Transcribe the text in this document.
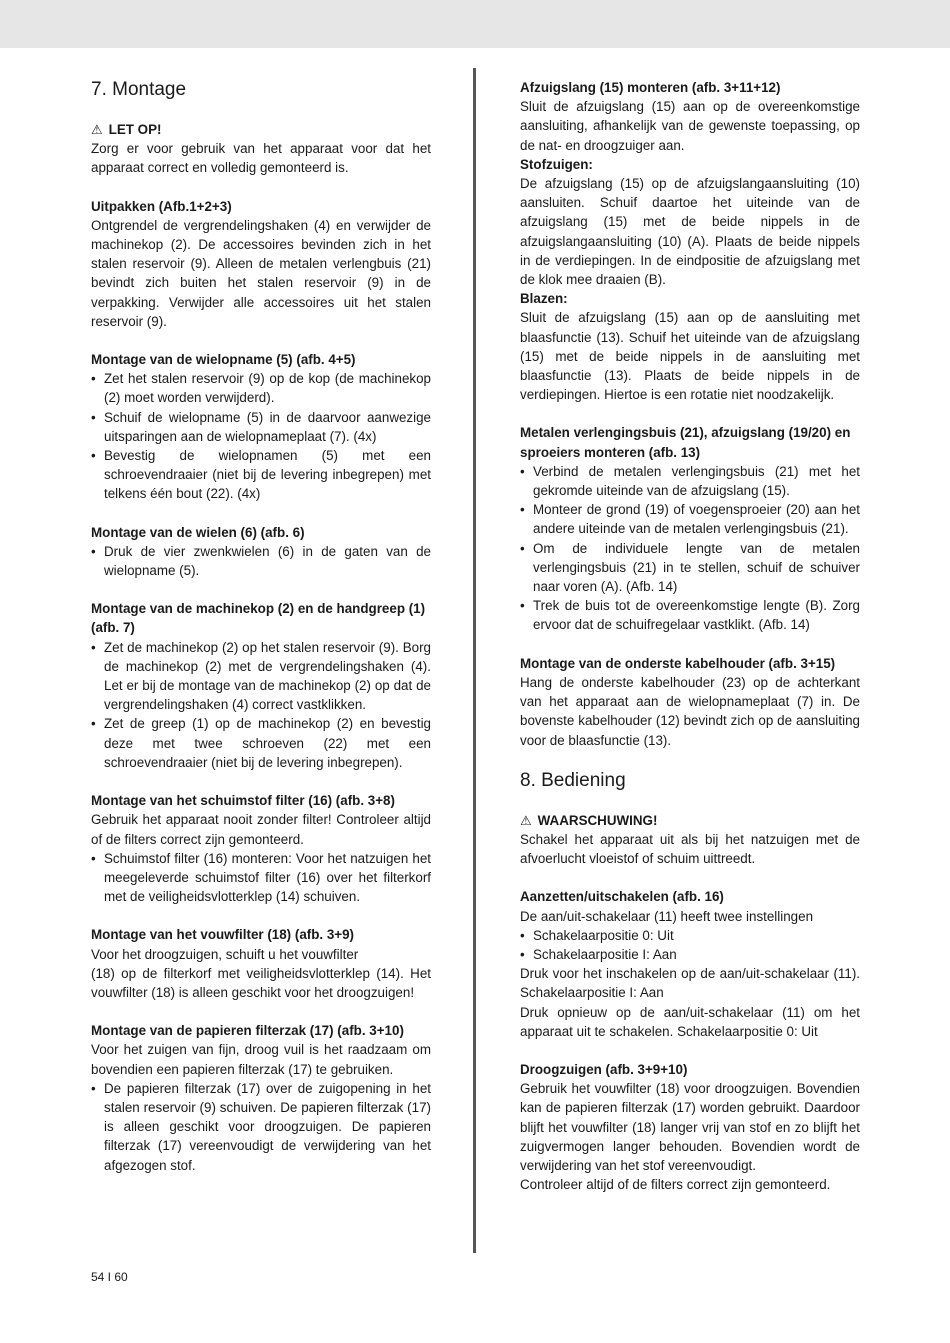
7. Montage
⚠ LET OP!

Zorg er voor gebruik van het apparaat voor dat het apparaat correct en volledig gemonteerd is.

Uitpakken (Afb.1+2+3)

Ontgrendel de vergrendelingshaken (4) en verwijder de machinekop (2). De accessoires bevinden zich in het stalen reservoir (9). Alleen de metalen verlengbuis (21) bevindt zich buiten het stalen reservoir (9) in de verpakking. Verwijder alle accessoires uit het stalen reservoir (9).

Montage van de wielopname (5) (afb. 4+5)
• Zet het stalen reservoir (9) op de kop (de machinekop (2) moet worden verwijderd).
• Schuif de wielopname (5) in de daarvoor aanwezige uitsparingen aan de wielopnameplaat (7). (4x)
• Bevestig de wielopnamen (5) met een schroevendraaier (niet bij de levering inbegrepen) met telkens één bout (22). (4x)
Montage van de wielen (6) (afb. 6)
• Druk de vier zwenkwielen (6) in de gaten van de wielopname (5).
Montage van de machinekop (2) en de handgreep (1) (afb. 7)
• Zet de machinekop (2) op het stalen reservoir (9). Borg de machinekop (2) met de vergrendelingshaken (4). Let er bij de montage van de machinekop (2) op dat de vergrendelingshaken (4) correct vastklikken.
• Zet de greep (1) op de machinekop (2) en bevestig deze met twee schroeven (22) met een schroevendraaier (niet bij de levering inbegrepen).
Montage van het schuimstof filter (16) (afb. 3+8)

Gebruik het apparaat nooit zonder filter! Controleer altijd of de filters correct zijn gemonteerd.

• Schuimstof filter (16) monteren: Voor het natzuigen het meegeleverde schuimstof filter (16) over het filterkorf met de veiligheidsvlotterklep (14) schuiven.
Montage van het vouwfilter (18) (afb. 3+9)

Voor het droogzuigen, schuift u het vouwfilter

(18) op de filterkorf met veiligheidsvlotterklep (14). Het vouwfilter (18) is alleen geschikt voor het droogzuigen!

Montage van de papieren filterzak (17) (afb. 3+10)

Voor het zuigen van fijn, droog vuil is het raadzaam om bovendien een papieren filterzak (17) te gebruiken.

• De papieren filterzak (17) over de zuigopening in het stalen reservoir (9) schuiven. De papieren filterzak (17) is alleen geschikt voor droogzuigen. De papieren filterzak (17) vereenvoudigt de verwijdering van het afgezogen stof.
Afzuigslang (15) monteren (afb. 3+11+12)

Sluit de afzuigslang (15) aan op de overeenkomstige aansluiting, afhankelijk van de gewenste toepassing, op de nat- en droogzuiger aan.

Stofzuigen:

De afzuigslang (15) op de afzuigslangaansluiting (10) aansluiten. Schuif daartoe het uiteinde van de afzuigslang (15) met de beide nippels in de afzuigslangaansluiting (10) (A). Plaats de beide nippels in de verdiepingen. In de eindpositie de afzuigslang met de klok mee draaien (B).

Blazen:

Sluit de afzuigslang (15) aan op de aansluiting met blaasfunctie (13). Schuif het uiteinde van de afzuigslang (15) met de beide nippels in de aansluiting met blaasfunctie (13). Plaats de beide nippels in de verdiepingen. Hiertoe is een rotatie niet noodzakelijk.

Metalen verlengingsbuis (21), afzuigslang (19/20) en sproeiers monteren (afb. 13)
• Verbind de metalen verlengingsbuis (21) met het gekromde uiteinde van de afzuigslang (15).
• Monteer de grond (19) of voegensproeier (20) aan het andere uiteinde van de metalen verlengingsbuis (21).
• Om de individuele lengte van de metalen verlengingsbuis (21) in te stellen, schuif de schuiver naar voren (A). (Afb. 14)
• Trek de buis tot de overeenkomstige lengte (B). Zorg ervoor dat de schuifregelaar vastklikt. (Afb. 14)
Montage van de onderste kabelhouder (afb. 3+15)

Hang de onderste kabelhouder (23) op de achterkant van het apparaat aan de wielopnameplaat (7) in. De bovenste kabelhouder (12) bevindt zich op de aansluiting voor de blaasfunctie (13).

8. Bediening
⚠ WAARSCHUWING!

Schakel het apparaat uit als bij het natzuigen met de afvoerlucht vloeistof of schuim uittreedt.

Aanzetten/uitschakelen (afb. 16)

De aan/uit-schakelaar (11) heeft twee instellingen

• Schakelaarpositie 0: Uit
• Schakelaarpositie I: Aan

Druk voor het inschakelen op de aan/uit-schakelaar (11). Schakelaarpositie I: Aan

Druk opnieuw op de aan/uit-schakelaar (11) om het apparaat uit te schakelen. Schakelaarpositie 0: Uit

Droogzuigen (afb. 3+9+10)

Gebruik het vouwfilter (18) voor droogzuigen. Bovendien kan de papieren filterzak (17) worden gebruikt. Daardoor blijft het vouwfilter (18) langer vrij van stof en zo blijft het zuigvermogen langer behouden. Bovendien wordt de verwijdering van het stof vereenvoudigt.

Controleer altijd of de filters correct zijn gemonteerd.

54 I 60
